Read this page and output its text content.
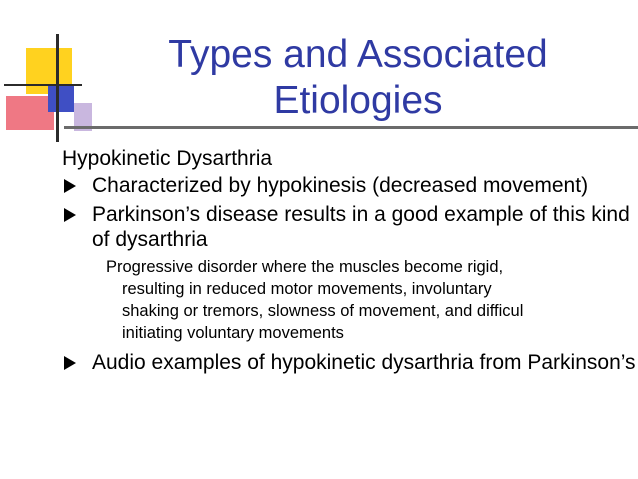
Types and Associated Etiologies
Hypokinetic Dysarthria
Characterized by hypokinesis (decreased movement)
Parkinson’s disease results in a good example of this kind of dysarthria
Progressive disorder where the muscles become rigid,
resulting in reduced motor movements, involuntary
shaking or tremors, slowness of movement, and difficul
initiating voluntary movements
Audio examples of hypokinetic dysarthria from Parkinson’s
